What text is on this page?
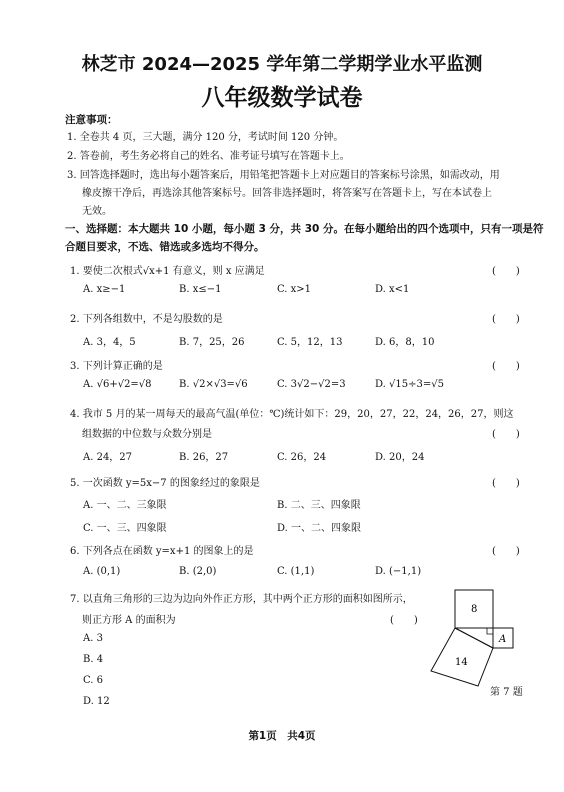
林芝市 2024—2025 学年第二学期学业水平监测
八年级数学试卷
注意事项：
1. 全卷共 4 页，三大题，满分 120 分，考试时间 120 分钟。
2. 答卷前，考生务必将自己的姓名、准考证号填写在答题卡上。
3. 回答选择题时，选出每小题答案后，用铅笔把答题卡上对应题目的答案标号涂黑，如需改动，用
橡皮擦干净后，再选涂其他答案标号。回答非选择题时，将答案写在答题卡上，写在本试卷上
无效。
一、选择题：本大题共 10 小题，每小题 3 分，共 30 分。在每小题给出的四个选项中，只有一项是符
合题目要求，不选、错选或多选均不得分。
1. 要使二次根式√x+1 有意义，则 x 应满足	(　　)
A. x≥−1	B. x≤−1	C. x>1	D. x<1
2. 下列各组数中，不是勾股数的是	(　　)
A. 3，4，5	B. 7，25，26	C. 5，12，13	D. 6，8，10
3. 下列计算正确的是	(　　)
A. √6+√2=√8	B. √2×√3=√6	C. 3√2−√2=3	D. √15÷3=√5
4. 我市 5 月的某一周每天的最高气温(单位：℃)统计如下：29，20，27，22，24，26，27，则这
组数据的中位数与众数分别是	(　　)
A. 24，27	B. 26，27	C. 26，24	D. 20，24
5. 一次函数 y=5x−7 的图象经过的象限是	(　　)
A. 一、二、三象限	B. 二、三、四象限
C. 一、三、四象限	D. 一、二、四象限
6. 下列各点在函数 y=x+1 的图象上的是	(　　)
A. (0,1)	B. (2,0)	C. (1,1)	D. (−1,1)
7. 以直角三角形的三边为边向外作正方形，其中两个正方形的面积如图所示，
则正方形 A 的面积为	(　　)
A. 3
B. 4
C. 6
D. 12
8
A
14
第 7 题
第1页　共4页
